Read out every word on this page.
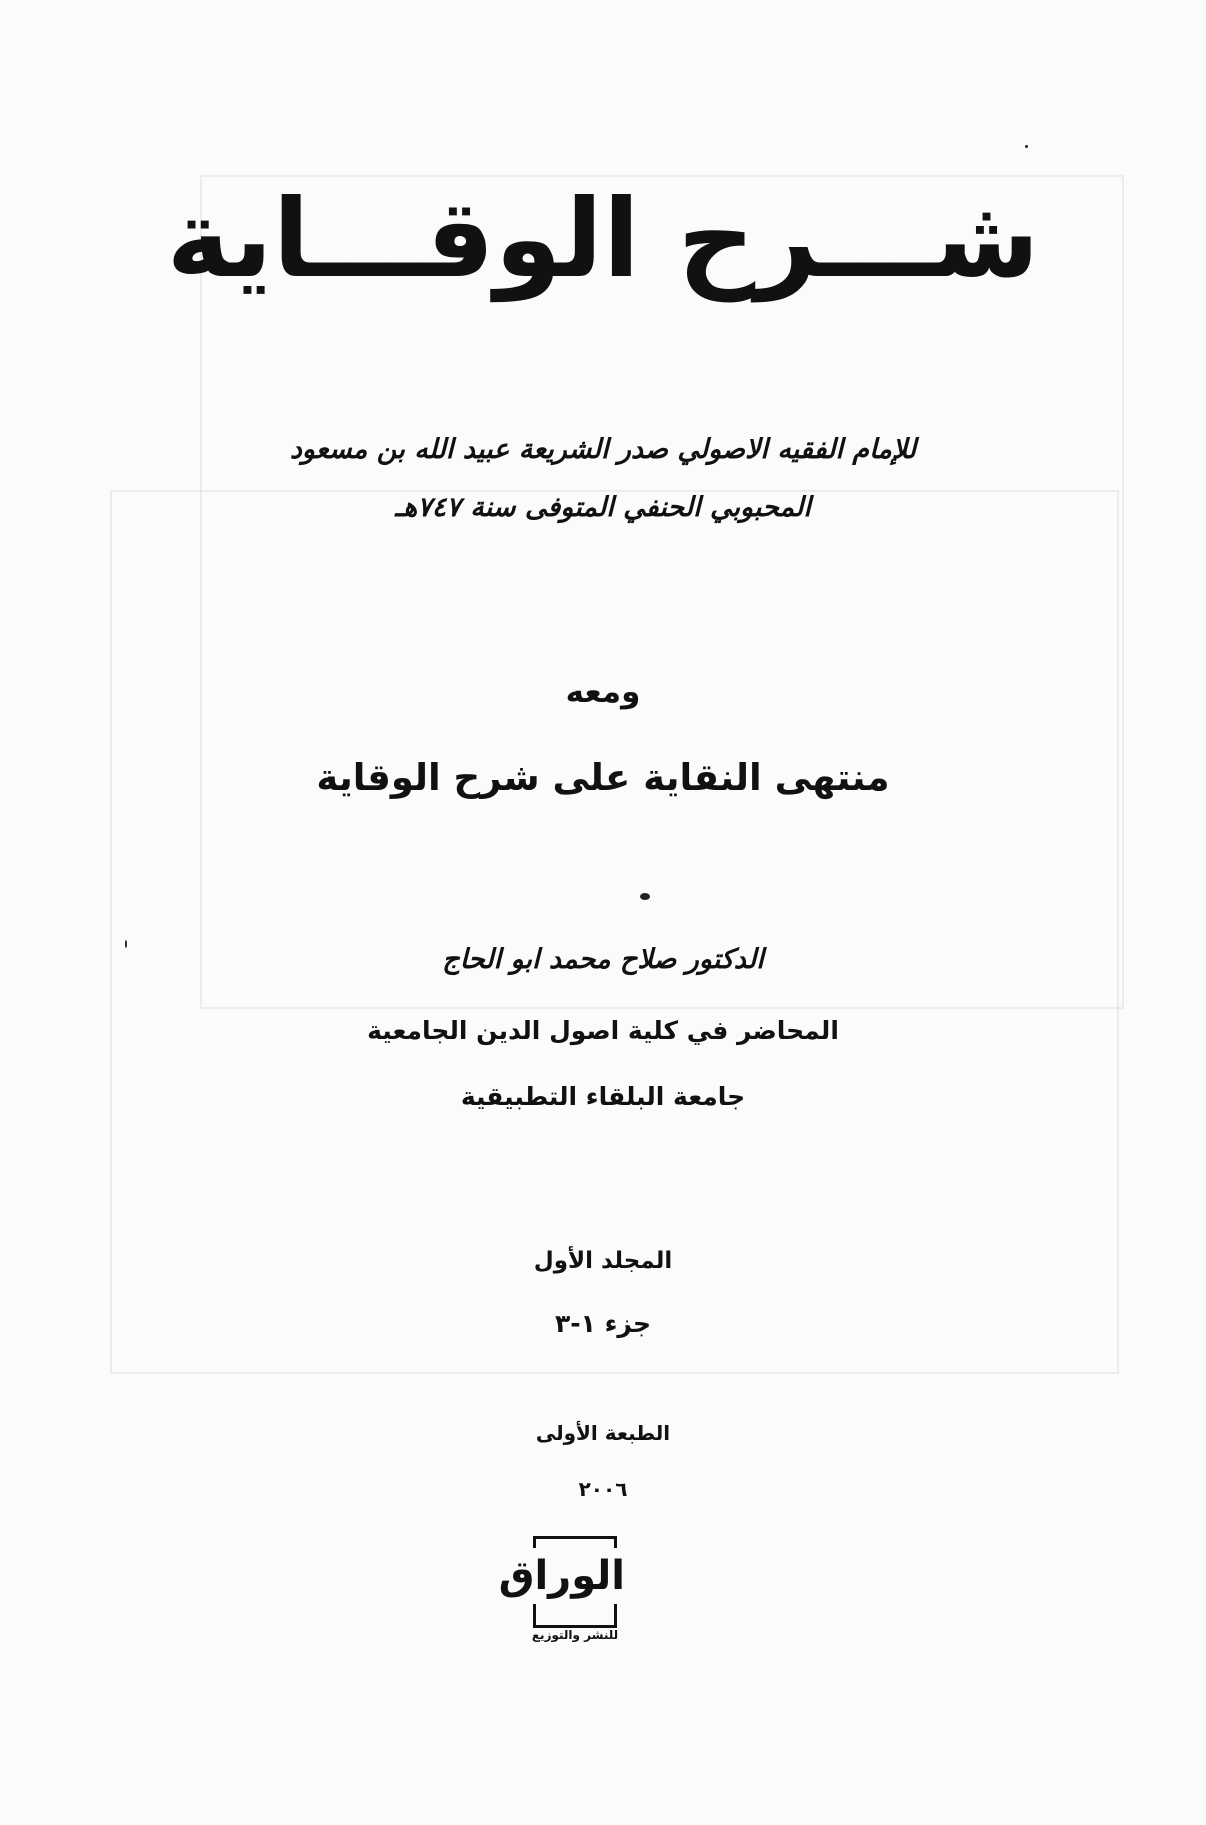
شـــرح الوقـــاية
للإمام الفقيه الاصولي صدر الشريعة عبيد الله بن مسعود
المحبوبي الحنفي المتوفى سنة ٧٤٧هـ
ومعه
منتهى النقاية على شرح الوقاية
الدكتور صلاح محمد ابو الحاج
المحاضر في كلية اصول الدين الجامعية
جامعة البلقاء التطبيقية
المجلد الأول
جزء ١-٣
الطبعة الأولى
٢٠٠٦
الوراق
للنشر والتوزيع
